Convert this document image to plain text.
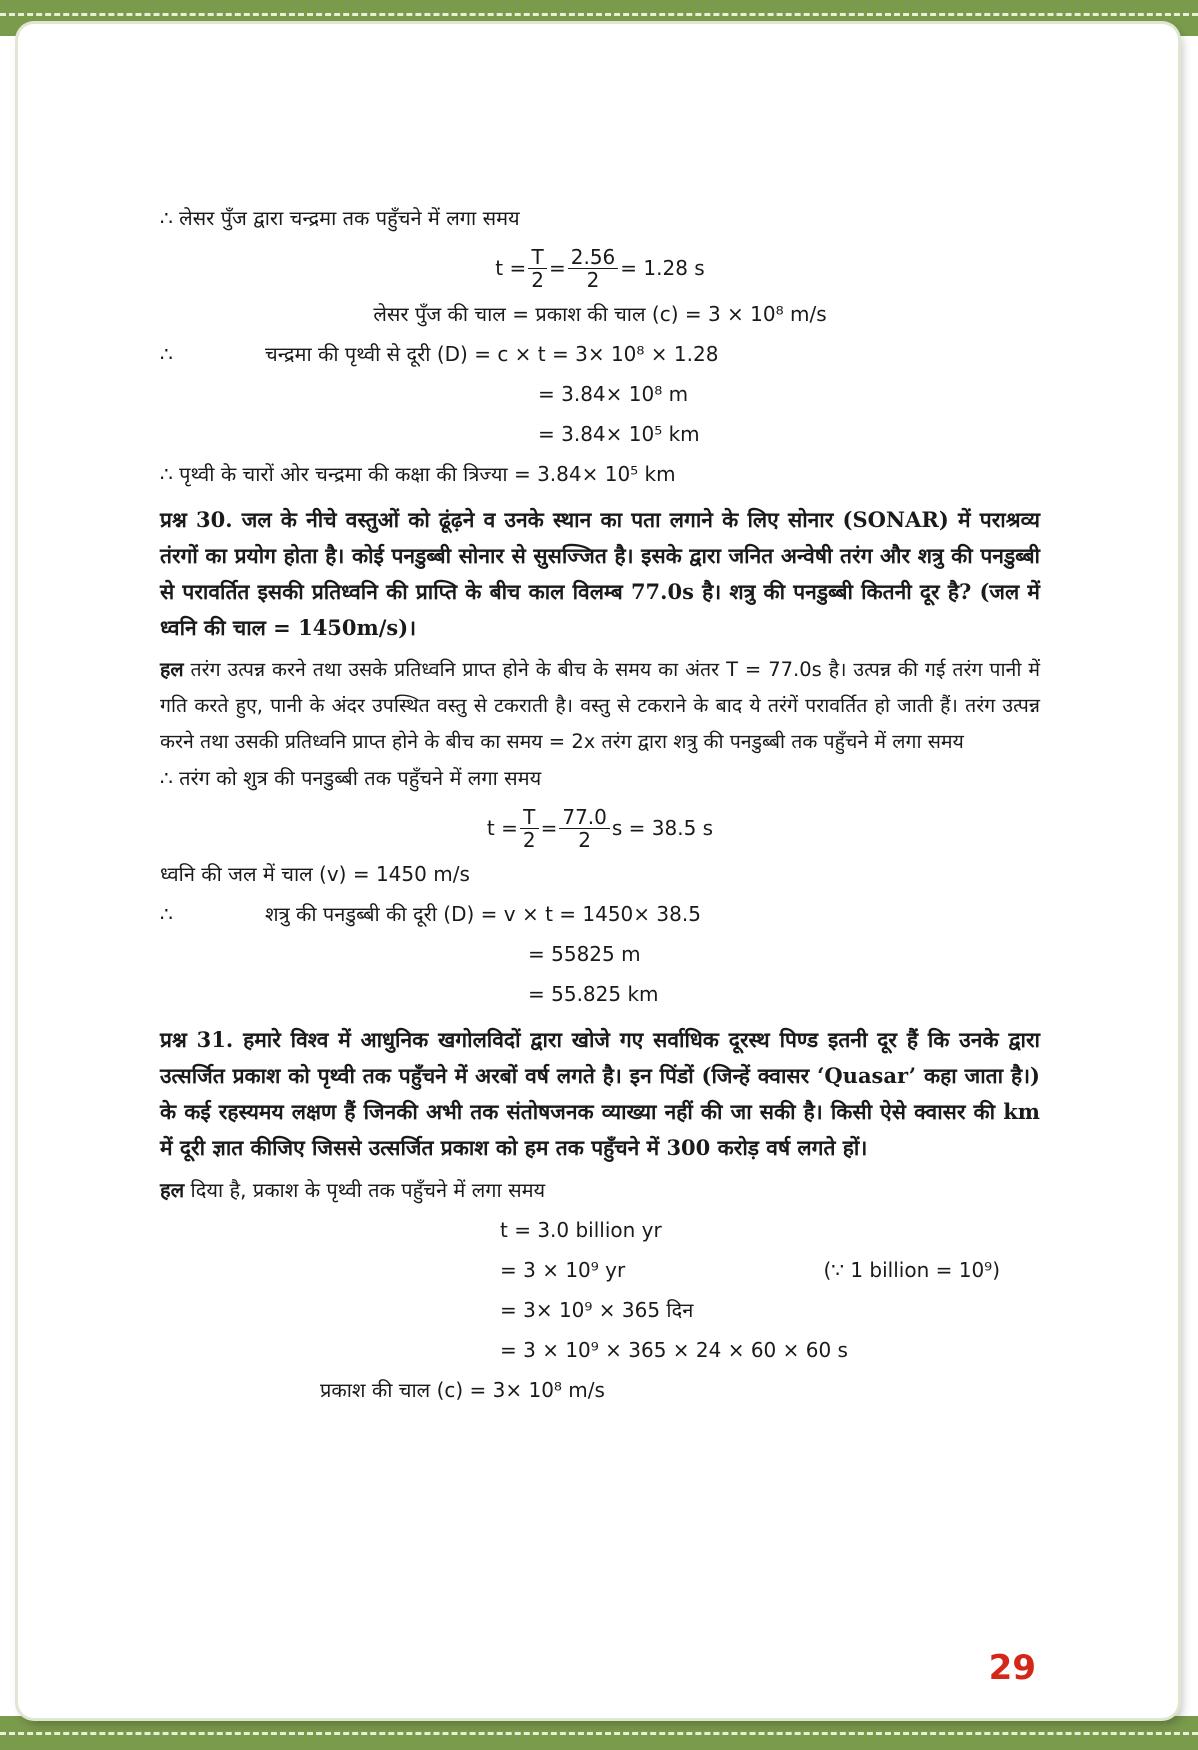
∴ लेसर पुँज द्वारा चन्द्रमा तक पहुँचने में लगा समय
$t = \frac{T}{2} = \frac{2.56}{2} = 1.28$ s
लेसर पुँज की चाल = प्रकाश की चाल (c) = 3 × 10⁸ m/s
∴	चन्द्रमा की पृथ्वी से दूरी (D) = c × t = 3× 10⁸ × 1.28
= 3.84× 10⁸ m
= 3.84× 10⁵ km
∴ पृथ्वी के चारों ओर चन्द्रमा की कक्षा की त्रिज्या = 3.84× 10⁵ km
प्रश्न 30. जल के नीचे वस्तुओं को ढूंढ़ने व उनके स्थान का पता लगाने के लिए सोनार (SONAR) में पराश्रव्य तंरगों का प्रयोग होता है। कोई पनडुब्बी सोनार से सुसज्जित है। इसके द्वारा जनित अन्वेषी तरंग और शत्रु की पनडुब्बी से परावर्तित इसकी प्रतिध्वनि की प्राप्ति के बीच काल विलम्ब 77.0s है। शत्रु की पनडुब्बी कितनी दूर है? (जल में ध्वनि की चाल = 1450m/s)।
हल तरंग उत्पन्न करने तथा उसके प्रतिध्वनि प्राप्त होने के बीच के समय का अंतर T = 77.0s है। उत्पन्न की गई तरंग पानी में गति करते हुए, पानी के अंदर उपस्थित वस्तु से टकराती है। वस्तु से टकराने के बाद ये तरंगें परावर्तित हो जाती हैं। तरंग उत्पन्न करने तथा उसकी प्रतिध्वनि प्राप्त होने के बीच का समय = 2x तरंग द्वारा शत्रु की पनडुब्बी तक पहुँचने में लगा समय
∴ तरंग को शुत्र की पनडुब्बी तक पहुँचने में लगा समय
$t = \frac{T}{2} = \frac{77.0}{2}$ s = 38.5 s
ध्वनि की जल में चाल (v) = 1450 m/s
∴	शत्रु की पनडुब्बी की दूरी (D) = v × t = 1450× 38.5
= 55825 m
= 55.825 km
प्रश्न 31. हमारे विश्व में आधुनिक खगोलविदों द्वारा खोजे गए सर्वाधिक दूरस्थ पिण्ड इतनी दूर हैं कि उनके द्वारा उत्सर्जित प्रकाश को पृथ्वी तक पहुँचने में अरबों वर्ष लगते है। इन पिंडों (जिन्हें क्वासर ‘Quasar’ कहा जाता है।) के कई रहस्यमय लक्षण हैं जिनकी अभी तक संतोषजनक व्याख्या नहीं की जा सकी है। किसी ऐसे क्वासर की km में दूरी ज्ञात कीजिए जिससे उत्सर्जित प्रकाश को हम तक पहुँचने में 300 करोड़ वर्ष लगते हों।
हल दिया है, प्रकाश के पृथ्वी तक पहुँचने में लगा समय
t = 3.0 billion yr
= 3 × 10⁹ yr	(∵ 1 billion = 10⁹)
= 3× 10⁹ × 365 दिन
= 3 × 10⁹ × 365 × 24 × 60 × 60 s
प्रकाश की चाल (c) = 3× 10⁸ m/s
29
